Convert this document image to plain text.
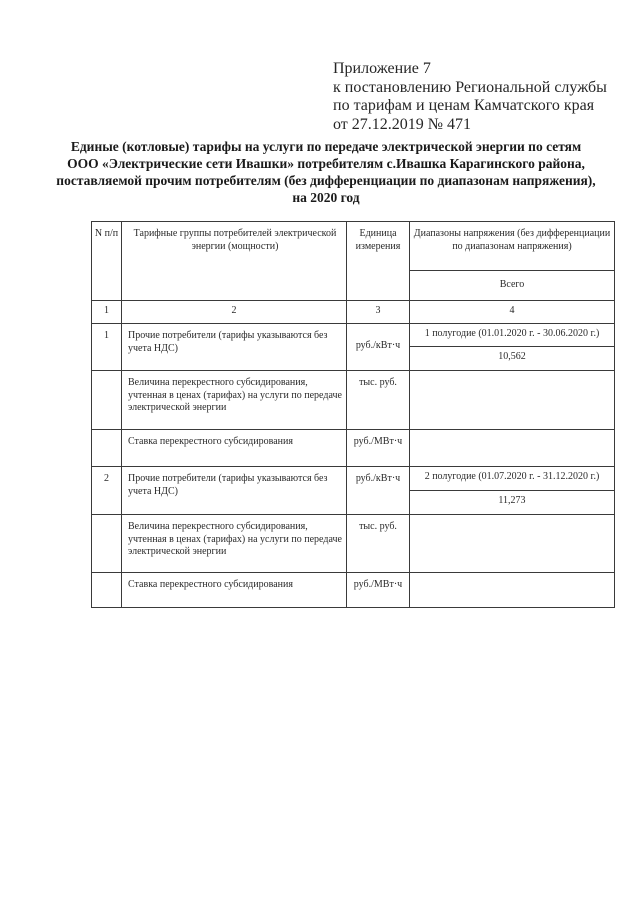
Приложение 7
к постановлению Региональной службы
по тарифам и ценам Камчатского края
от 27.12.2019 № 471
Единые (котловые) тарифы на услуги по передаче электрической энергии по сетям
ООО «Электрические сети Ивашки» потребителям с.Ивашка Карагинского района,
поставляемой прочим потребителям (без дифференциации по диапазонам напряжения),
на 2020 год
N п/п	Тарифные группы потребителей электрической энергии (мощности)	Единица измерения	Диапазоны напряжения (без дифференциации по диапазонам напряжения)
			Всего
1	2	3	4
1	Прочие потребители (тарифы указываются без учета НДС)	руб./кВт·ч	1 полугодие (01.01.2020 г. - 30.06.2020 г.)
			10,562
	Величина перекрестного субсидирования, учтенная в ценах (тарифах) на услуги по передаче электрической энергии	тыс. руб.	
	Ставка перекрестного субсидирования	руб./МВт·ч	
2	Прочие потребители (тарифы указываются без учета НДС)	руб./кВт·ч	2 полугодие (01.07.2020 г. - 31.12.2020 г.)
			11,273
	Величина перекрестного субсидирования, учтенная в ценах (тарифах) на услуги по передаче электрической энергии	тыс. руб.	
	Ставка перекрестного субсидирования	руб./МВт·ч	
